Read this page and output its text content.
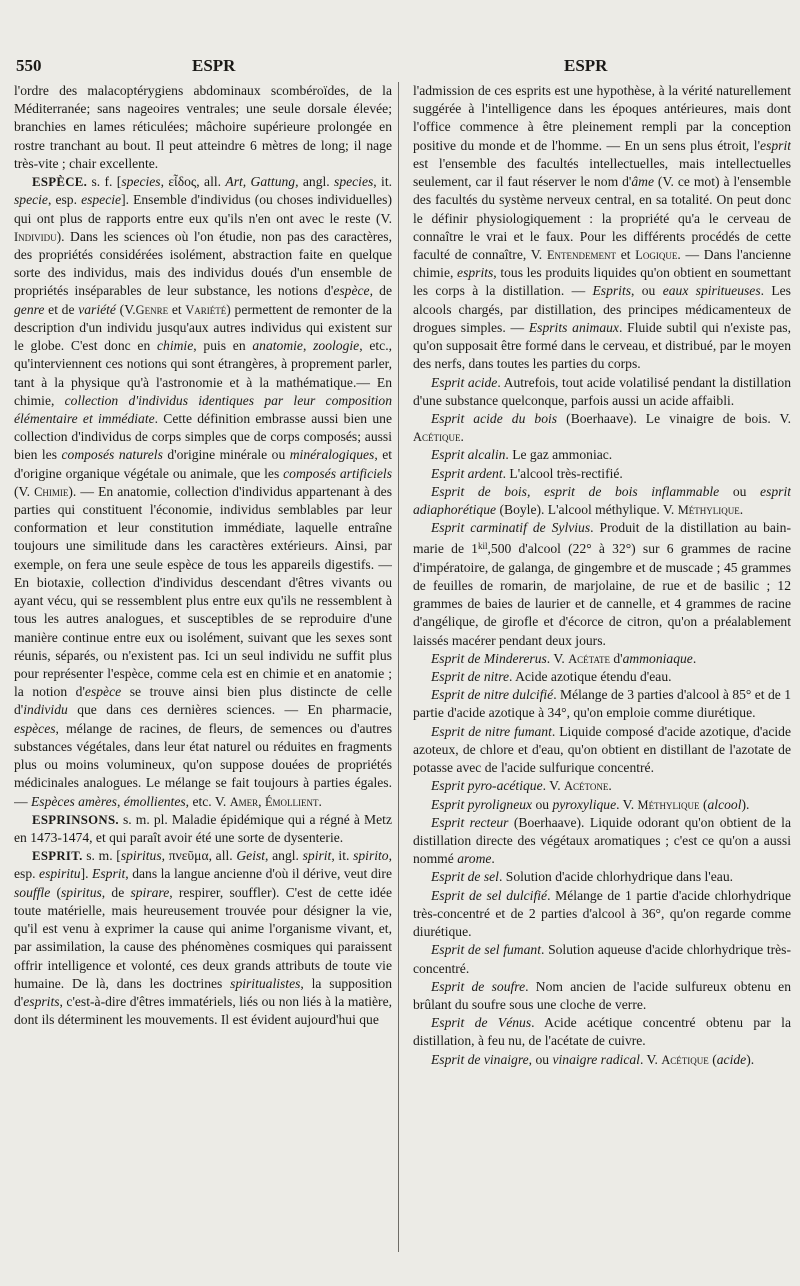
550	ESPR	ESPR

l'ordre des malacoptérygiens abdominaux scombéroïdes, de la Méditerranée; sans nageoires ventrales; une seule dorsale élevée; branchies en lames réticulées; mâchoire supérieure prolongée en rostre tranchant au bout. Il peut atteindre 6 mètres de long; il nage très-vite ; chair excellente.

ESPÈCE. s. f. [species, εἶδος, all. Art, Gattung, angl. species, it. specie, esp. especie]. Ensemble d'individus (ou choses individuelles) qui ont plus de rapports entre eux qu'ils n'en ont avec le reste (V. Individu). Dans les sciences où l'on étudie, non pas des caractères, des propriétés considérées isolément, abstraction faite en quelque sorte des individus, mais des individus doués d'un ensemble de propriétés inséparables de leur substance, les notions d'espèce, de genre et de variété (V.Genre et Variété) permettent de remonter de la description d'un individu jusqu'aux autres individus qui existent sur le globe. C'est donc en chimie, puis en anatomie, zoologie, etc., qu'interviennent ces notions qui sont étrangères, à proprement parler, tant à la physique qu'à l'astronomie et à la mathématique.— En chimie, collection d'individus identiques par leur composition élémentaire et immédiate. Cette définition embrasse aussi bien une collection d'individus de corps simples que de corps composés; aussi bien les composés naturels d'origine minérale ou minéralogiques, et d'origine organique végétale ou animale, que les composés artificiels (V. Chimie). — En anatomie, collection d'individus appartenant à des parties qui constituent l'économie, individus semblables par leur conformation et leur constitution immédiate, laquelle entraîne toujours une similitude dans les caractères extérieurs. Ainsi, par exemple, on fera une seule espèce de tous les appareils digestifs. — En biotaxie, collection d'individus descendant d'êtres vivants ou ayant vécu, qui se ressemblent plus entre eux qu'ils ne ressemblent à tous les autres analogues, et susceptibles de se reproduire d'une manière continue entre eux ou isolément, suivant que les sexes sont réunis, séparés, ou n'existent pas. Ici un seul individu ne suffit plus pour représenter l'espèce, comme cela est en chimie et en anatomie ; la notion d'espèce se trouve ainsi bien plus distincte de celle d'individu que dans ces dernières sciences. — En pharmacie, espèces, mélange de racines, de fleurs, de semences ou d'autres substances végétales, dans leur état naturel ou réduites en fragments plus ou moins volumineux, qu'on suppose douées de propriétés médicinales analogues. Le mélange se fait toujours à parties égales.— Espèces amères, émollientes, etc. V. Amer, Émollient.

ESPRINSONS. s. m. pl. Maladie épidémique qui a régné à Metz en 1473-1474, et qui paraît avoir été une sorte de dysenterie.

ESPRIT. s. m. [spiritus, πνεῦμα, all. Geist, angl. spirit, it. spirito, esp. espiritu]. Esprit, dans la langue ancienne d'où il dérive, veut dire souffle (spiritus, de spirare, respirer, souffler). C'est de cette idée toute matérielle, mais heureusement trouvée pour désigner la vie, qu'il est venu à exprimer la cause qui anime l'organisme vivant, et, par assimilation, la cause des phénomènes cosmiques qui paraissent offrir intelligence et volonté, ces deux grands attributs de toute vie humaine. De là, dans les doctrines spiritualistes, la supposition d'esprits, c'est-à-dire d'êtres immatériels, liés ou non liés à la matière, dont ils déterminent les mouvements. Il est évident aujourd'hui que

l'admission de ces esprits est une hypothèse, à la vérité naturellement suggérée à l'intelligence dans les époques antérieures, mais dont l'office commence à être pleinement rempli par la conception positive du monde et de l'homme. — En un sens plus étroit, l'esprit est l'ensemble des facultés intellectuelles, mais intellectuelles seulement, car il faut réserver le nom d'âme (V. ce mot) à l'ensemble des facultés du système nerveux central, en sa totalité. On peut donc le définir physiologiquement : la propriété qu'a le cerveau de connaître le vrai et le faux. Pour les différents procédés de cette faculté de connaître, V. Entendement et Logique. — Dans l'ancienne chimie, esprits, tous les produits liquides qu'on obtient en soumettant les corps à la distillation. — Esprits, ou eaux spiritueuses. Les alcools chargés, par distillation, des principes médicamenteux de drogues simples. — Esprits animaux. Fluide subtil qui n'existe pas, qu'on supposait être formé dans le cerveau, et distribué, par le moyen des nerfs, dans toutes les parties du corps.

Esprit acide. Autrefois, tout acide volatilisé pendant la distillation d'une substance quelconque, parfois aussi un acide affaibli.

Esprit acide du bois (Boerhaave). Le vinaigre de bois. V. Acétique.

Esprit alcalin. Le gaz ammoniac.

Esprit ardent. L'alcool très-rectifié.

Esprit de bois, esprit de bois inflammable ou esprit adiaphorétique (Boyle). L'alcool méthylique. V. Méthylique.

Esprit carminatif de Sylvius. Produit de la distillation au bain-marie de $1^{kil},500$ d'alcool (22° à 32°) sur 6 grammes de racine d'impératoire, de galanga, de gingembre et de muscade ; 45 grammes de feuilles de romarin, de marjolaine, de rue et de basilic ; 12 grammes de baies de laurier et de cannelle, et 4 grammes de racine d'angélique, de girofle et d'écorce de citron, qu'on a préalablement laissés macérer pendant deux jours.

Esprit de Mindererus. V. Acétate d'ammoniaque.

Esprit de nitre. Acide azotique étendu d'eau.

Esprit de nitre dulcifié. Mélange de 3 parties d'alcool à 85° et de 1 partie d'acide azotique à 34°, qu'on emploie comme diurétique.

Esprit de nitre fumant. Liquide composé d'acide azotique, d'acide azoteux, de chlore et d'eau, qu'on obtient en distillant de l'azotate de potasse avec de l'acide sulfurique concentré.

Esprit pyro-acétique. V. Acétone.

Esprit pyroligneux ou pyroxylique. V. Méthylique (alcool).

Esprit recteur (Boerhaave). Liquide odorant qu'on obtient de la distillation directe des végétaux aromatiques ; c'est ce qu'on a aussi nommé arome.

Esprit de sel. Solution d'acide chlorhydrique dans l'eau.

Esprit de sel dulcifié. Mélange de 1 partie d'acide chlorhydrique très-concentré et de 2 parties d'alcool à 36°, qu'on regarde comme diurétique.

Esprit de sel fumant. Solution aqueuse d'acide chlorhydrique très-concentré.

Esprit de soufre. Nom ancien de l'acide sulfureux obtenu en brûlant du soufre sous une cloche de verre.

Esprit de Vénus. Acide acétique concentré obtenu par la distillation, à feu nu, de l'acétate de cuivre.

Esprit de vinaigre, ou vinaigre radical. V. Acétique (acide).
